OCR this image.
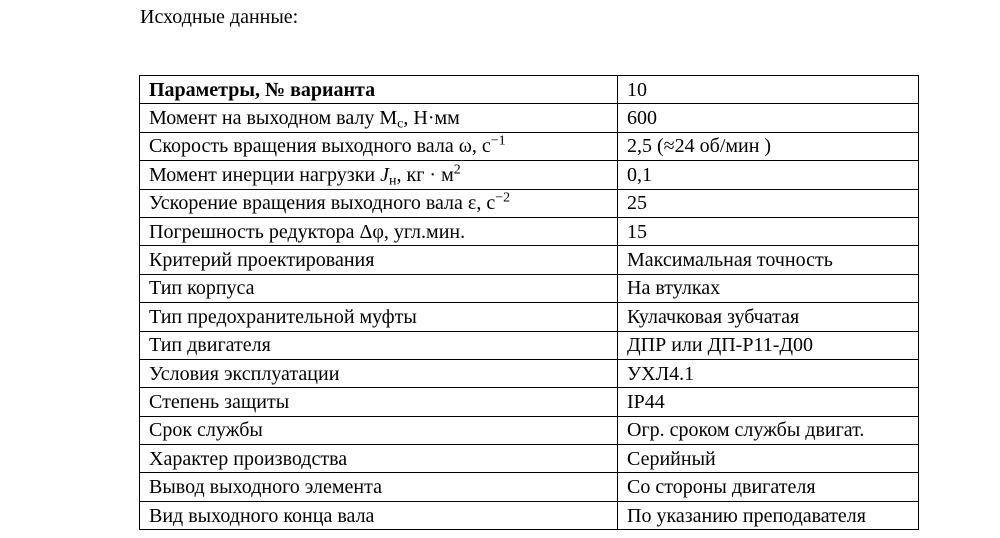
Исходные данные:

Параметры, № варианта	10
Момент на выходном валу $M_c$, Н·мм	600
Скорость вращения выходного вала ω, $с^{-1}$	2,5 (≈24 об/мин )
Момент инерции нагрузки $J_н$, кг · $м^2$	0,1
Ускорение вращения выходного вала ε, $с^{-2}$	25
Погрешность редуктора Δφ, угл.мин.	15
Критерий проектирования	Максимальная точность
Тип корпуса	На втулках
Тип предохранительной муфты	Кулачковая зубчатая
Тип двигателя	ДПР или ДП-Р11-Д00
Условия эксплуатации	УХЛ4.1
Степень защиты	IP44
Срок службы	Огр. сроком службы двигат.
Характер производства	Серийный
Вывод выходного элемента	Со стороны двигателя
Вид выходного конца вала	По указанию преподавателя
